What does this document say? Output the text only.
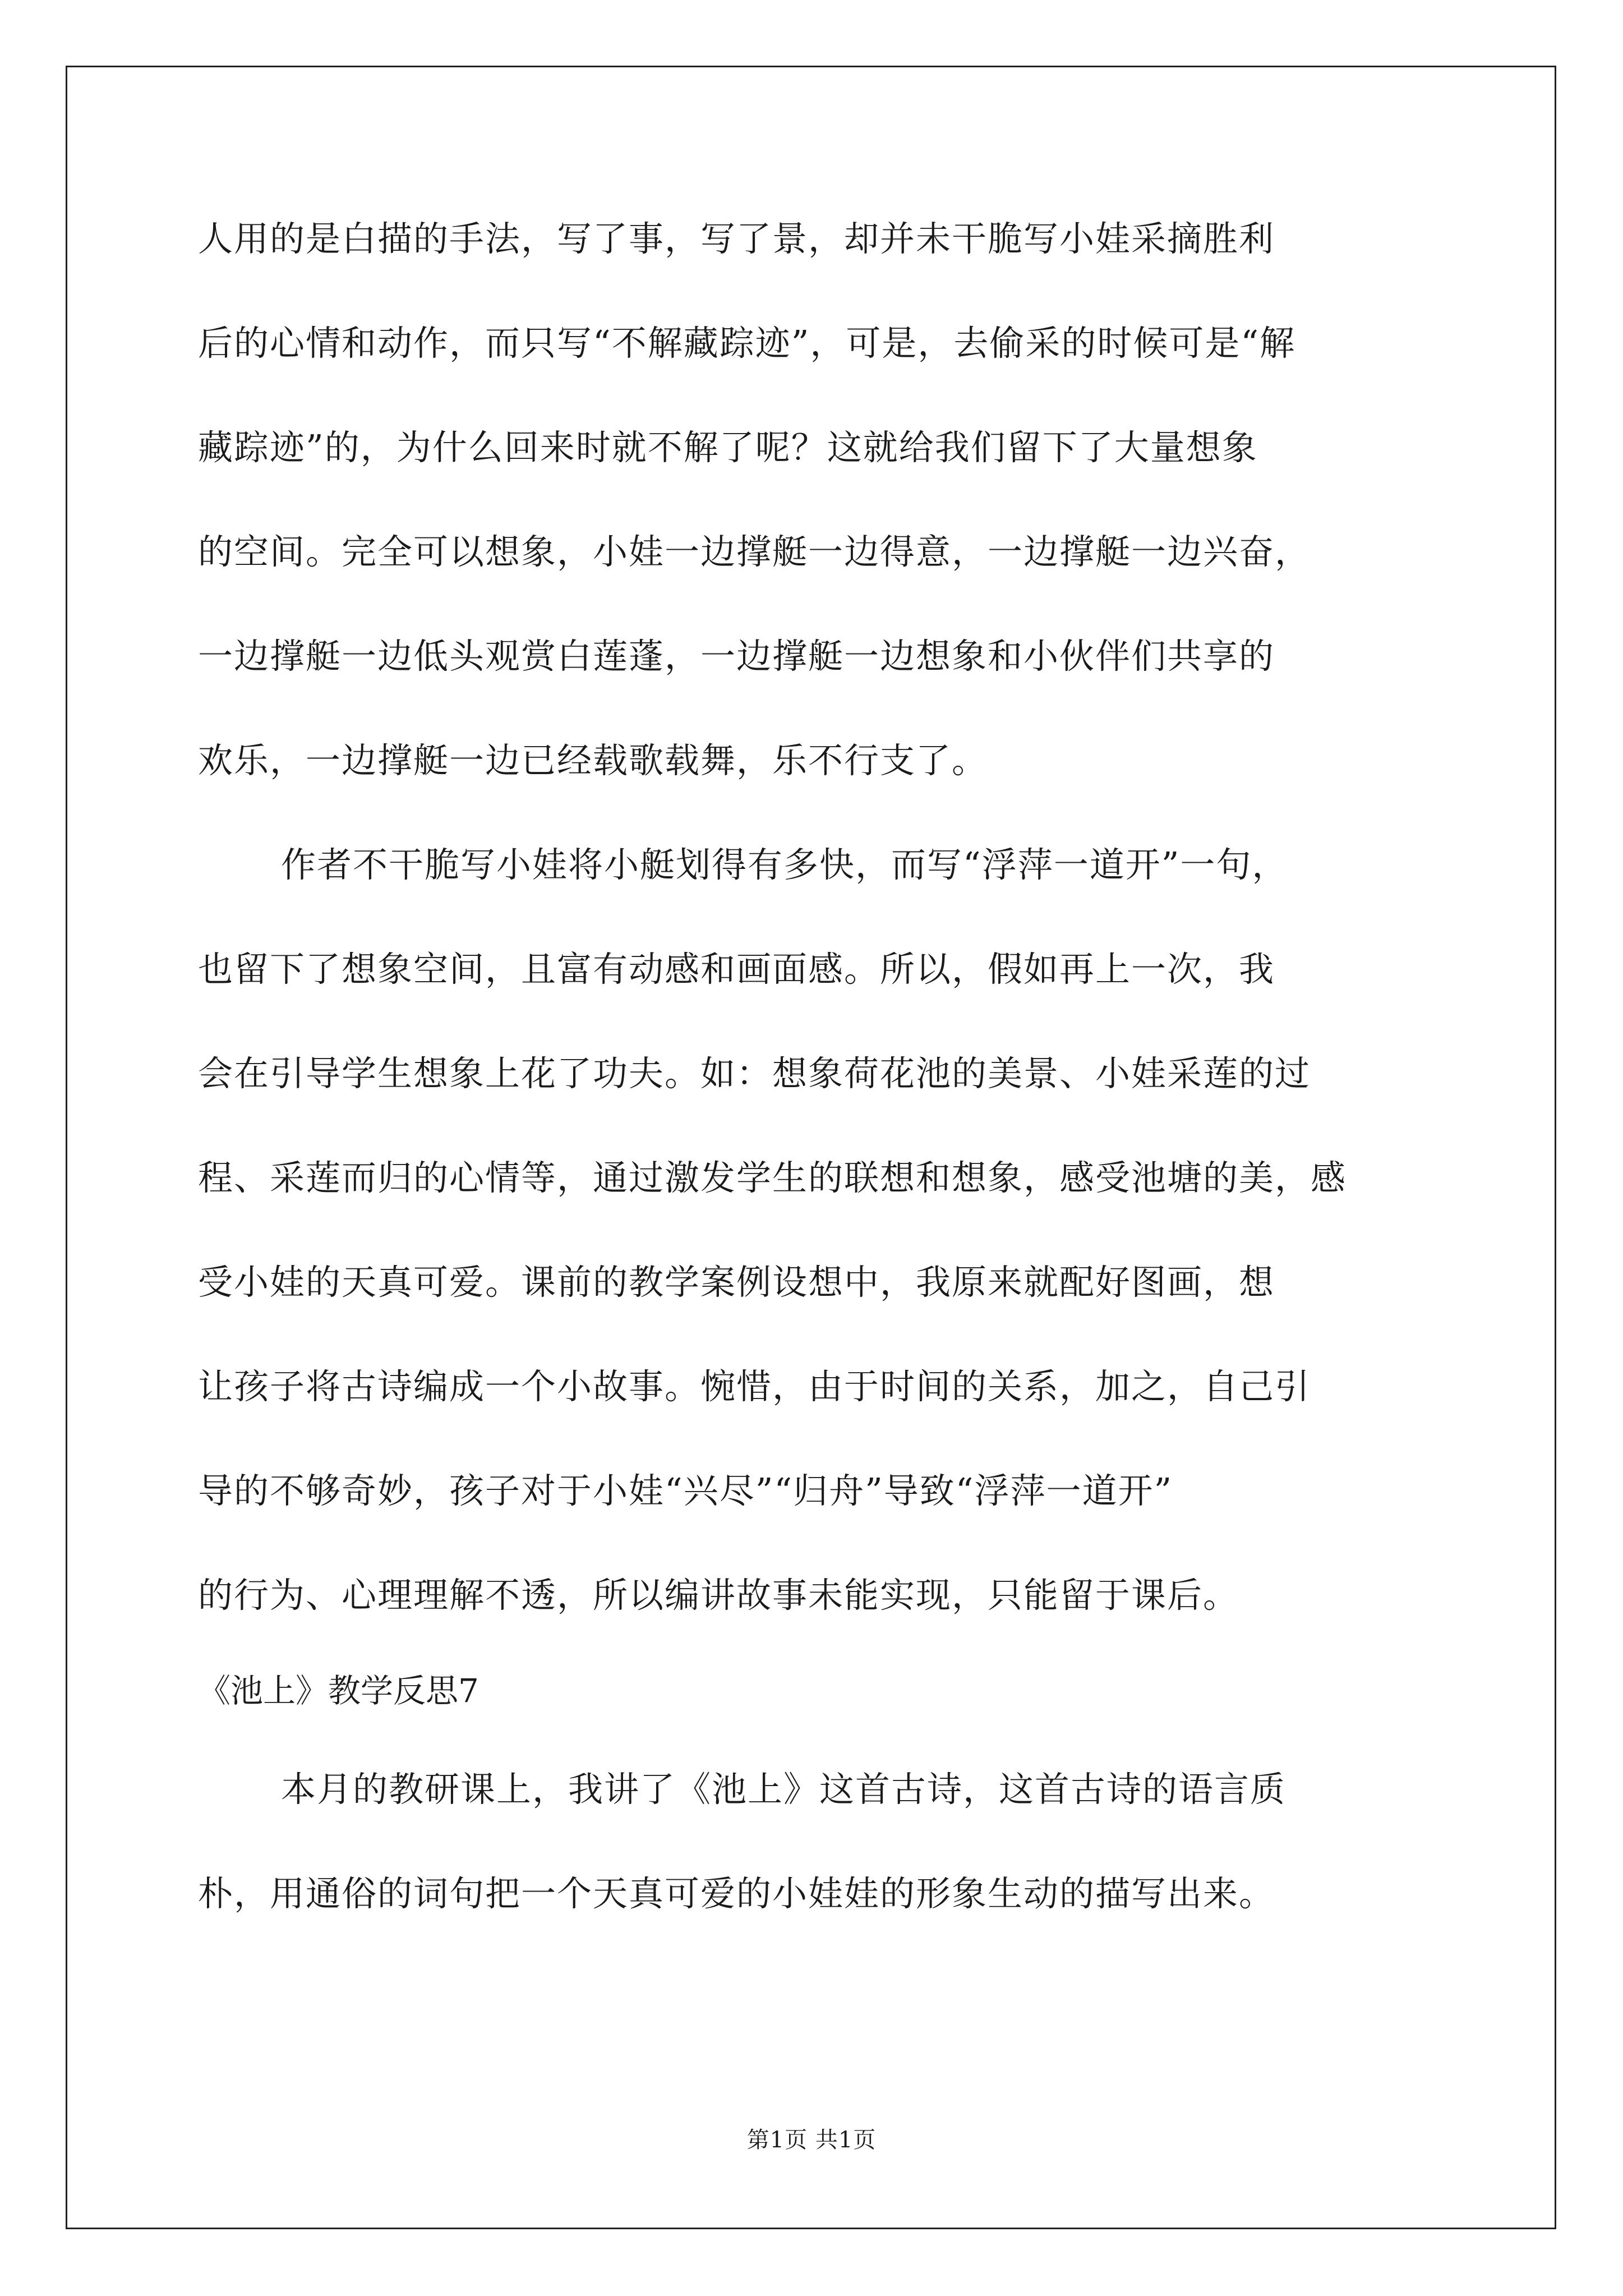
人用的是白描的手法，写了事，写了景，却并未干脆写小娃采摘胜利
后的心情和动作，而只写“不解藏踪迹”，可是，去偷采的时候可是“解
藏踪迹”的，为什么回来时就不解了呢？这就给我们留下了大量想象
的空间。完全可以想象，小娃一边撑艇一边得意，一边撑艇一边兴奋，
一边撑艇一边低头观赏白莲蓬，一边撑艇一边想象和小伙伴们共享的
欢乐，一边撑艇一边已经载歌载舞，乐不行支了。
作者不干脆写小娃将小艇划得有多快，而写“浮萍一道开”一句，
也留下了想象空间，且富有动感和画面感。所以，假如再上一次，我
会在引导学生想象上花了功夫。如：想象荷花池的美景、小娃采莲的过
程、采莲而归的心情等，通过激发学生的联想和想象，感受池塘的美，感
受小娃的天真可爱。课前的教学案例设想中，我原来就配好图画，想
让孩子将古诗编成一个小故事。惋惜，由于时间的关系，加之，自己引
导的不够奇妙，孩子对于小娃“兴尽”“归舟”导致“浮萍一道开”
的行为、心理理解不透，所以编讲故事未能实现，只能留于课后。
《池上》教学反思7
本月的教研课上，我讲了《池上》这首古诗，这首古诗的语言质
朴，用通俗的词句把一个天真可爱的小娃娃的形象生动的描写出来。
第1页 共1页
